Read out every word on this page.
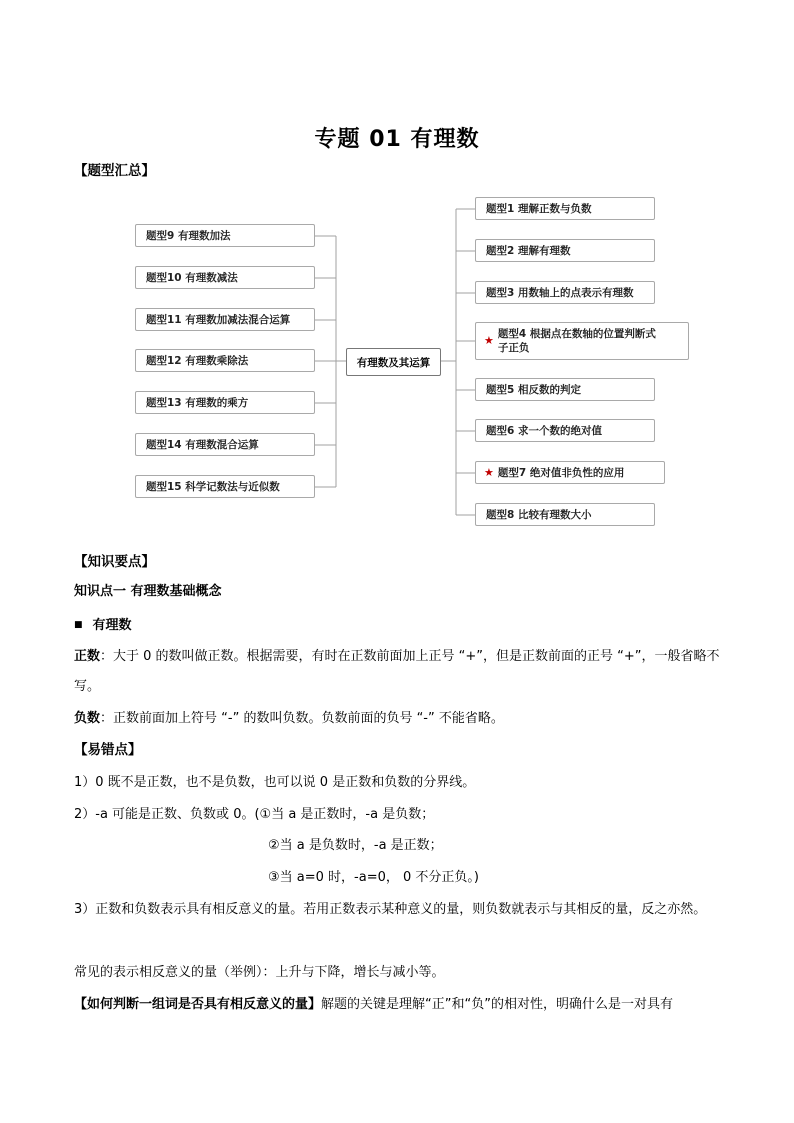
专题 01 有理数
【题型汇总】
有理数及其运算
题型9 有理数加法
题型10 有理数减法
题型11 有理数加减法混合运算
题型12 有理数乘除法
题型13 有理数的乘方
题型14 有理数混合运算
题型15 科学记数法与近似数
题型1 理解正数与负数
题型2 理解有理数
题型3 用数轴上的点表示有理数
★ 题型4 根据点在数轴的位置判断式子正负
题型5 相反数的判定
题型6 求一个数的绝对值
★ 题型7 绝对值非负性的应用
题型8 比较有理数大小
【知识要点】
知识点一 有理数基础概念
■ 有理数
正数：大于 0 的数叫做正数。根据需要，有时在正数前面加上正号 “+”，但是正数前面的正号 “+”，一般省略不写。
负数：正数前面加上符号 “-” 的数叫负数。负数前面的负号 “-” 不能省略。
【易错点】
1）0 既不是正数，也不是负数，也可以说 0 是正数和负数的分界线。
2）-a 可能是正数、负数或 0。(①当 a 是正数时，-a 是负数；
②当 a 是负数时，-a 是正数；
③当 a=0 时，-a=0， 0 不分正负。)
3）正数和负数表示具有相反意义的量。若用正数表示某种意义的量，则负数就表示与其相反的量，反之亦然。
常见的表示相反意义的量（举例）：上升与下降，增长与减小等。
【如何判断一组词是否具有相反意义的量】解题的关键是理解“正”和“负”的相对性，明确什么是一对具有
